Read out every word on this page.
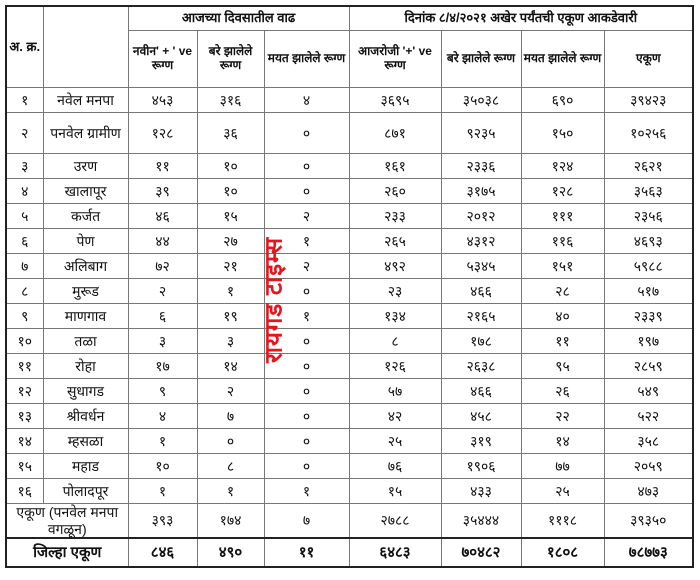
अ. क्र.		आजच्या दिवसातील वाढ			दिनांक ८/४/२०२१ अखेर पर्यंतची एकूण आकडेवारी			
		नवीन' + ' ve रूग्ण	बरे झालेले रूग्ण	मयत झालेले रूग्ण	आजरोजी '+' ve रूग्ण	बरे झालेले रूग्ण	मयत झालेले रूग्ण	एकूण
१	नवेल मनपा	४५३	३१६	४	३६९५	३५०३८	६९०	३९४२३
२	पनवेल ग्रामीण	१२८	३६	०	८७१	९२३५	१५०	१०२५६
३	उरण	११	१०	०	१६१	२३३६	१२४	२६२१
४	खालापूर	३९	१०	०	२६०	३१७५	१२८	३५६३
५	कर्जत	४६	१५	२	२३३	२०१२	१११	२३५६
६	पेण	४४	२७	१	२६५	४३१२	११६	४६९३
७	अलिबाग	७२	२१	२	४९२	५३४५	१५१	५९८८
८	मुरूड	२	१	०	२३	४६६	२८	५१७
९	माणगाव	६	१९	१	१३४	२१६५	४०	२३३९
१०	तळा	३	३	०	८	१७८	११	१९७
११	रोहा	१७	१४	०	१२६	२६३८	९५	२८५९
१२	सुधागड	९	२	०	५७	४६६	२६	५४९
१३	श्रीवर्धन	४	७	०	४२	४५८	२२	५२२
१४	म्हसळा	१	०	०	२५	३१९	१४	३५८
१५	महाड	१०	८	०	७६	१९०६	७७	२०५९
१६	पोलादपूर	१	१	१	१५	४३३	२५	४७३
एकूण (पनवेल मनपा वगळून)		३९३	१७४	७	२७८८	३५४४४	१११८	३९३५०
जिल्हा एकूण		८४६	४९०	११	६४८३	७०४८२	१८०८	७८७७३
रायगड टाइम्स
